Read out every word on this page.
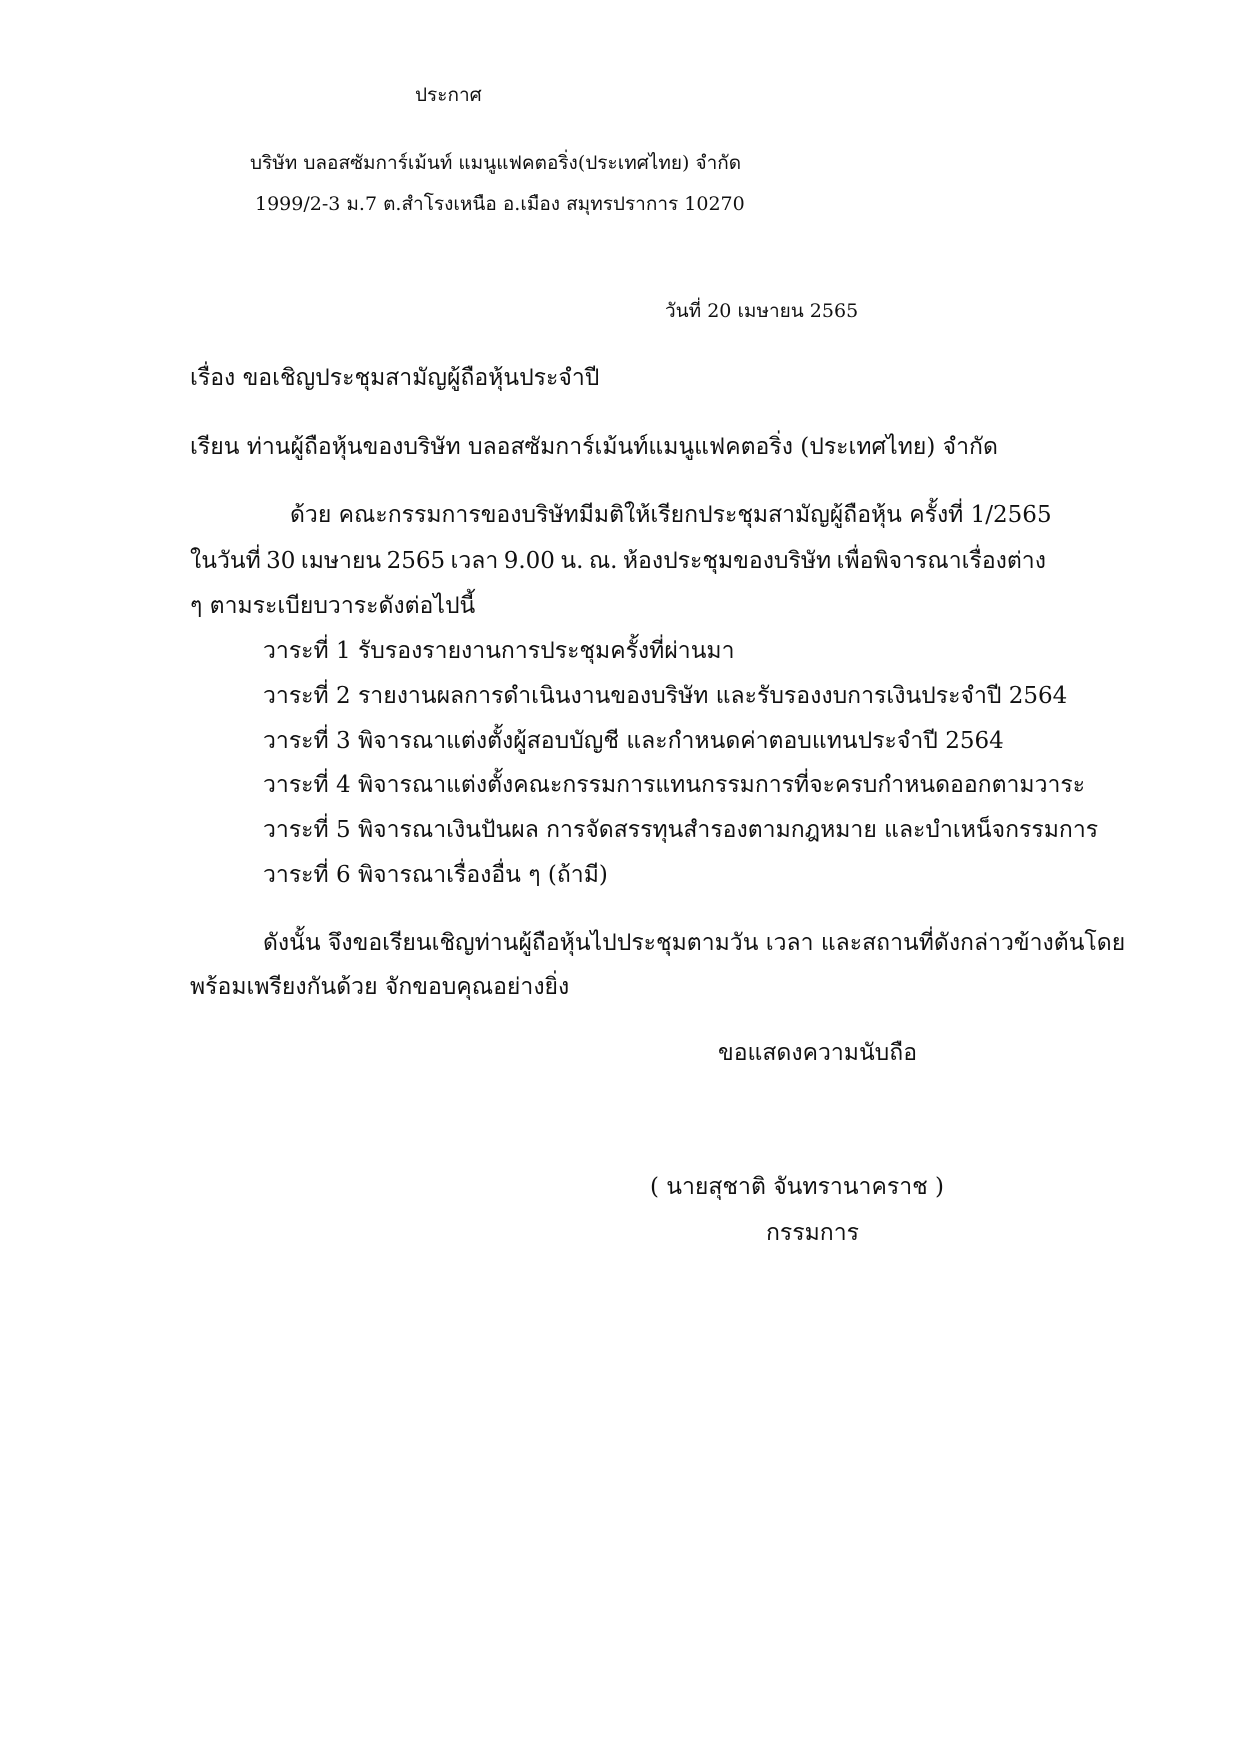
ประกาศ
บริษัท บลอสซัมการ์เม้นท์ แมนูแฟคตอริ่ง(ประเทศไทย) จำกัด
1999/2-3 ม.7 ต.สำโรงเหนือ อ.เมือง สมุทรปราการ 10270
วันที่ 20 เมษายน 2565
เรื่อง ขอเชิญประชุมสามัญผู้ถือหุ้นประจำปี
เรียน ท่านผู้ถือหุ้นของบริษัท บลอสซัมการ์เม้นท์แมนูแฟคตอริ่ง (ประเทศไทย) จำกัด
ด้วย คณะกรรมการของบริษัทมีมติให้เรียกประชุมสามัญผู้ถือหุ้น ครั้งที่ 1/2565
ในวันที่ 30 เมษายน 2565 เวลา 9.00 น. ณ. ห้องประชุมของบริษัท เพื่อพิจารณาเรื่องต่าง
ๆ ตามระเบียบวาระดังต่อไปนี้
วาระที่ 1 รับรองรายงานการประชุมครั้งที่ผ่านมา
วาระที่ 2 รายงานผลการดำเนินงานของบริษัท และรับรองงบการเงินประจำปี 2564
วาระที่ 3 พิจารณาแต่งตั้งผู้สอบบัญชี และกำหนดค่าตอบแทนประจำปี 2564
วาระที่ 4 พิจารณาแต่งตั้งคณะกรรมการแทนกรรมการที่จะครบกำหนดออกตามวาระ
วาระที่ 5 พิจารณาเงินปันผล การจัดสรรทุนสำรองตามกฎหมาย และบำเหน็จกรรมการ
วาระที่ 6 พิจารณาเรื่องอื่น ๆ (ถ้ามี)
ดังนั้น จึงขอเรียนเชิญท่านผู้ถือหุ้นไปประชุมตามวัน เวลา และสถานที่ดังกล่าวข้างต้นโดย
พร้อมเพรียงกันด้วย จักขอบคุณอย่างยิ่ง
ขอแสดงความนับถือ
( นายสุชาติ จันทรานาคราช )
กรรมการ
